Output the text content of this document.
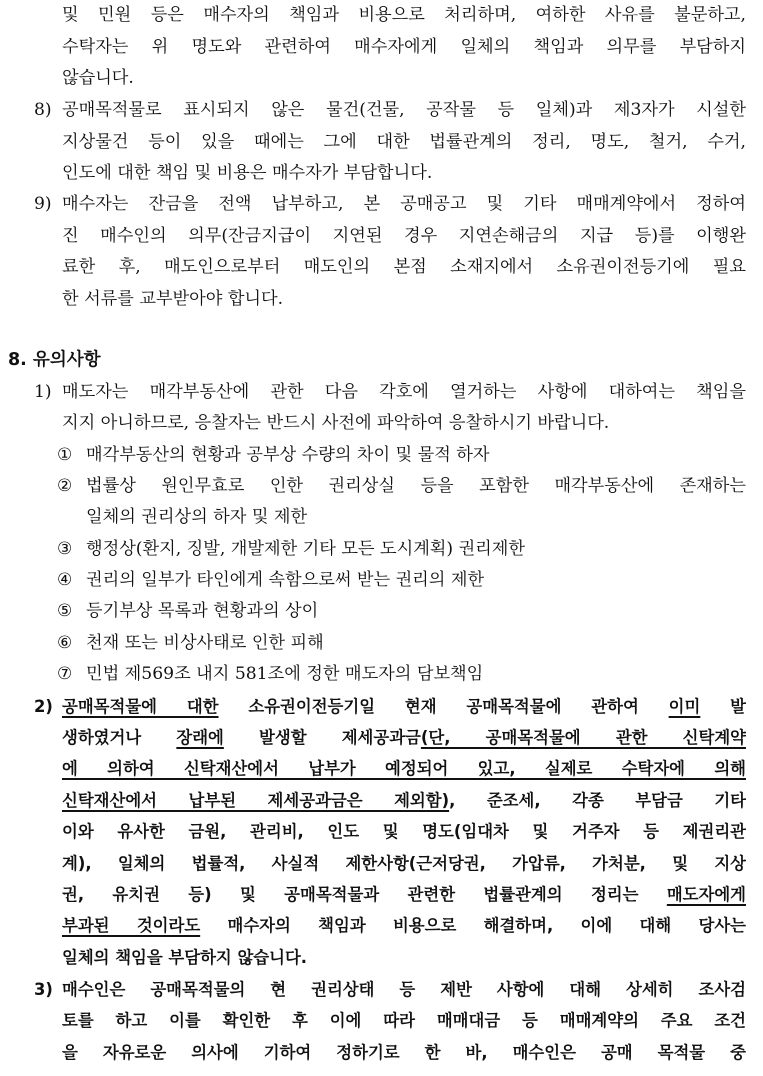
및 민원 등은 매수자의 책임과 비용으로 처리하며, 여하한 사유를 불문하고,
수탁자는 위 명도와 관련하여 매수자에게 일체의 책임과 의무를 부담하지
않습니다.
8) 공매목적물로 표시되지 않은 물건(건물, 공작물 등 일체)과 제3자가 시설한
지상물건 등이 있을 때에는 그에 대한 법률관계의 정리, 명도, 철거, 수거,
인도에 대한 책임 및 비용은 매수자가 부담합니다.
9) 매수자는 잔금을 전액 납부하고, 본 공매공고 및 기타 매매계약에서 정하여
진 매수인의 의무(잔금지급이 지연된 경우 지연손해금의 지급 등)를 이행완
료한 후, 매도인으로부터 매도인의 본점 소재지에서 소유권이전등기에 필요
한 서류를 교부받아야 합니다.
8. 유의사항
1) 매도자는 매각부동산에 관한 다음 각호에 열거하는 사항에 대하여는 책임을
지지 아니하므로, 응찰자는 반드시 사전에 파악하여 응찰하시기 바랍니다.
① 매각부동산의 현황과 공부상 수량의 차이 및 물적 하자
② 법률상 원인무효로 인한 권리상실 등을 포함한 매각부동산에 존재하는
일체의 권리상의 하자 및 제한
③ 행정상(환지, 징발, 개발제한 기타 모든 도시계획) 권리제한
④ 권리의 일부가 타인에게 속함으로써 받는 권리의 제한
⑤ 등기부상 목록과 현황과의 상이
⑥ 천재 또는 비상사태로 인한 피해
⑦ 민법 제569조 내지 581조에 정한 매도자의 담보책임
2) 공매목적물에 대한 소유권이전등기일 현재 공매목적물에 관하여 이미 발
생하였거나 장래에 발생할 제세공과금(단, 공매목적물에 관한 신탁계약
에 의하여 신탁재산에서 납부가 예정되어 있고, 실제로 수탁자에 의해
신탁재산에서 납부된 제세공과금은 제외함), 준조세, 각종 부담금 기타
이와 유사한 금원, 관리비, 인도 및 명도(임대차 및 거주자 등 제권리관
계), 일체의 법률적, 사실적 제한사항(근저당권, 가압류, 가처분, 및 지상
권, 유치권 등) 및 공매목적물과 관련한 법률관계의 정리는 매도자에게
부과된 것이라도 매수자의 책임과 비용으로 해결하며, 이에 대해 당사는
일체의 책임을 부담하지 않습니다.
3) 매수인은 공매목적물의 현 권리상태 등 제반 사항에 대해 상세히 조사검
토를 하고 이를 확인한 후 이에 따라 매매대금 등 매매계약의 주요 조건
을 자유로운 의사에 기하여 정하기로 한 바, 매수인은 공매 목적물 중
